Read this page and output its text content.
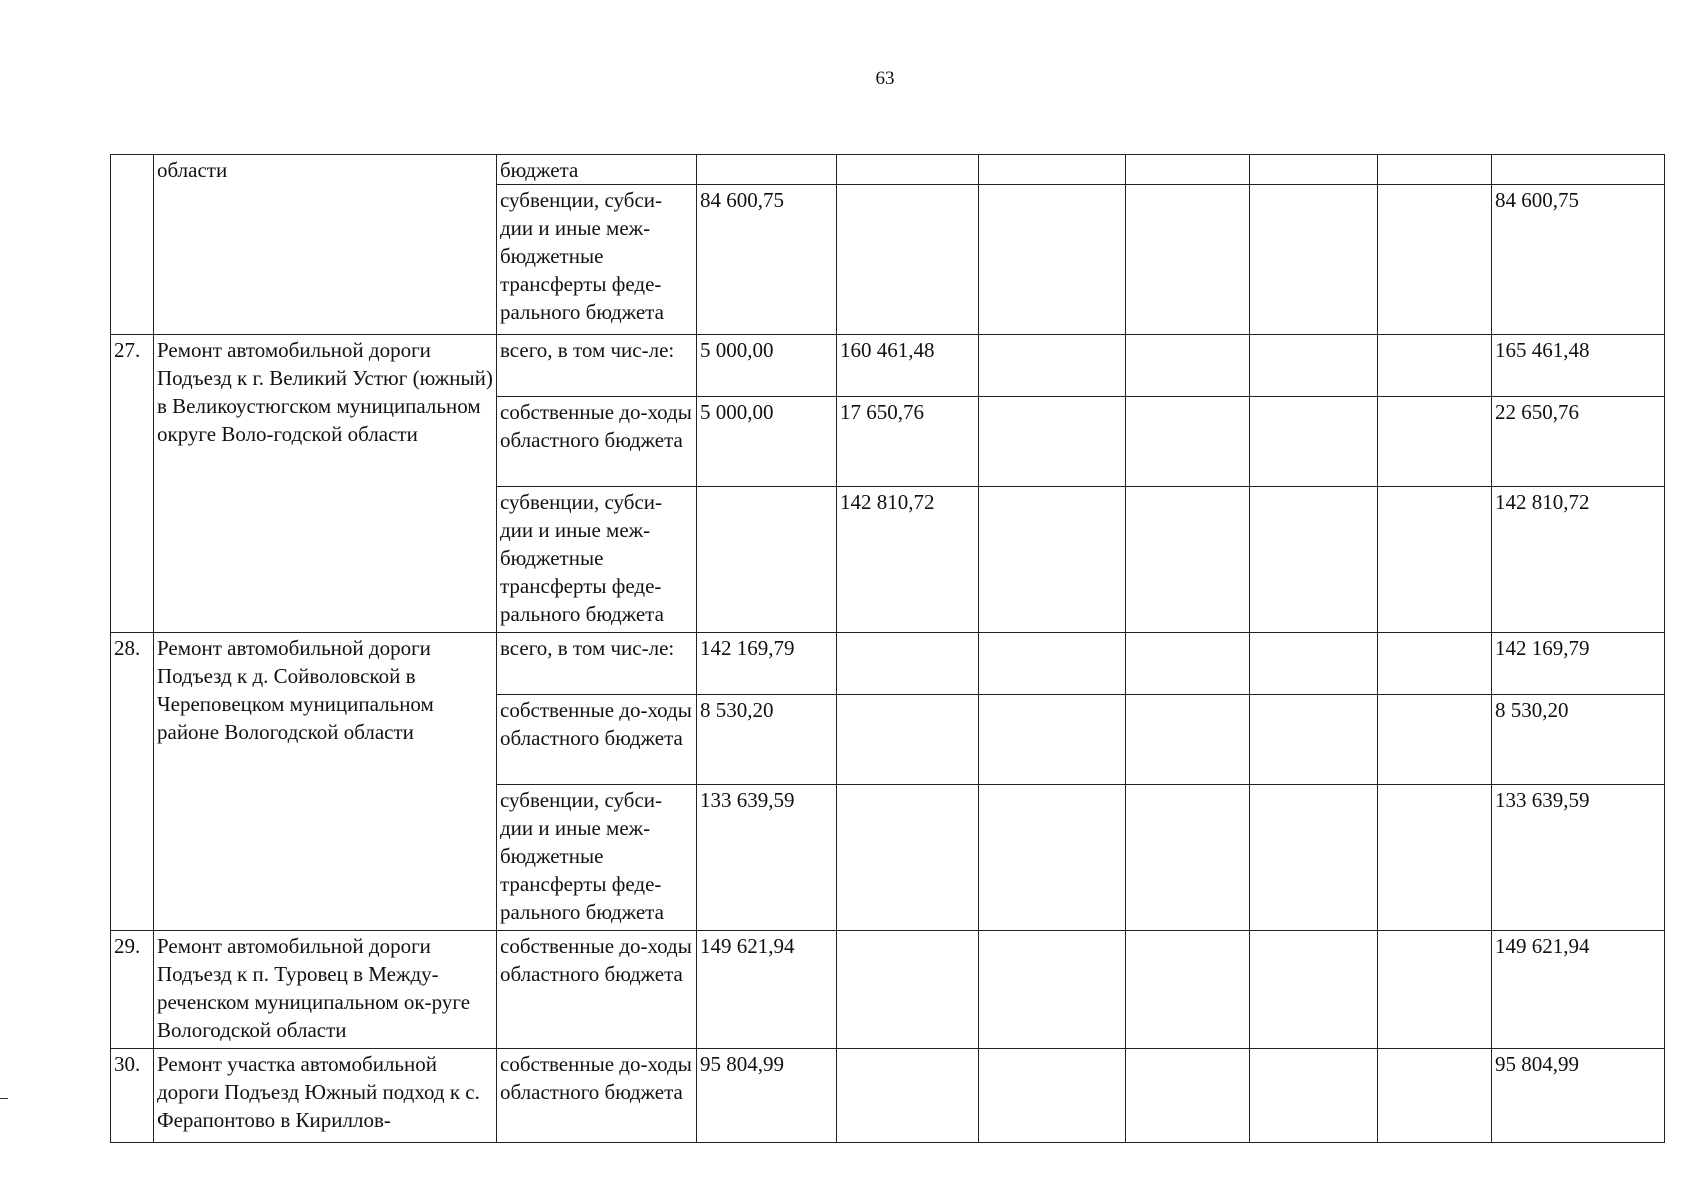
63
	области	бюджета							
		субвенции, субси-дии и иные меж-бюджетные трансферты феде-рального бюджета	84 600,75						84 600,75
27.	Ремонт автомобильной дороги Подъезд к г. Великий Устюг (южный) в Великоустюгском муниципальном округе Воло-годской области	всего, в том чис-ле:	5 000,00	160 461,48					165 461,48
		собственные до-ходы областного бюджета	5 000,00	17 650,76					22 650,76
		субвенции, субси-дии и иные меж-бюджетные трансферты феде-рального бюджета		142 810,72					142 810,72
28.	Ремонт автомобильной дороги Подъезд к д. Сойволовской в Череповецком муниципальном районе Вологодской области	всего, в том чис-ле:	142 169,79						142 169,79
		собственные до-ходы областного бюджета	8 530,20						8 530,20
		субвенции, субси-дии и иные меж-бюджетные трансферты феде-рального бюджета	133 639,59						133 639,59
29.	Ремонт автомобильной дороги Подъезд к п. Туровец в Между-реченском муниципальном ок-руге Вологодской области	собственные до-ходы областного бюджета	149 621,94						149 621,94
30.	Ремонт участка автомобильной дороги Подъезд Южный подход к с. Ферапонтово в Кириллов-	собственные до-ходы областного бюджета	95 804,99						95 804,99
